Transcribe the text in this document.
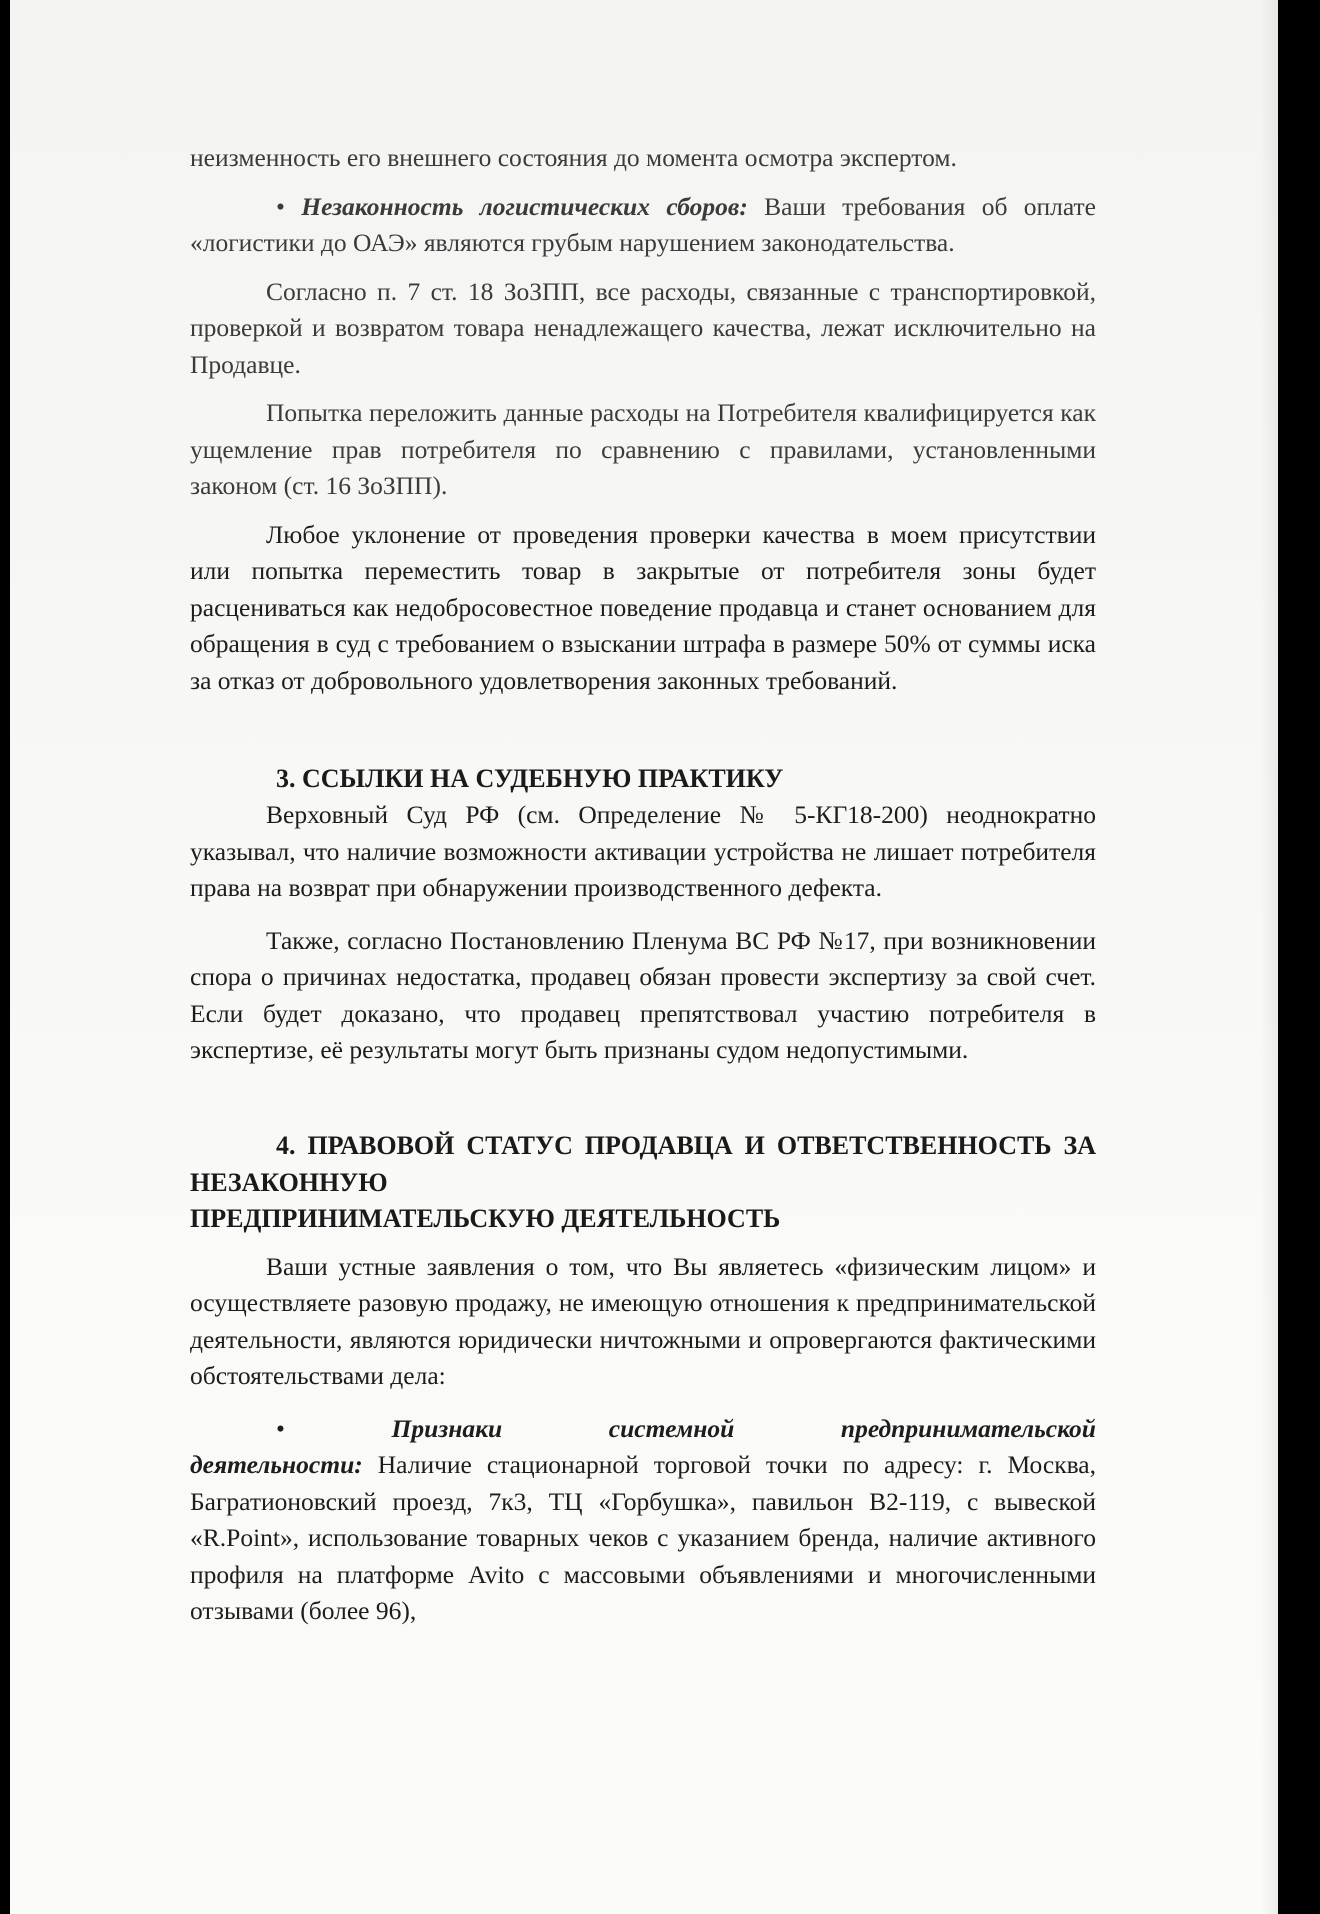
неизменность его внешнего состояния до момента осмотра экспертом.

• Незаконность логистических сборов: Ваши требования об оплате «логистики до ОАЭ» являются грубым нарушением законодательства.

Согласно п. 7 ст. 18 ЗоЗПП, все расходы, связанные с транспортировкой, проверкой и возвратом товара ненадлежащего качества, лежат исключительно на Продавце.

Попытка переложить данные расходы на Потребителя квалифицируется как ущемление прав потребителя по сравнению с правилами, установленными законом (ст. 16 ЗоЗПП).

Любое уклонение от проведения проверки качества в моем присутствии или попытка переместить товар в закрытые от потребителя зоны будет расцениваться как недобросовестное поведение продавца и станет основанием для обращения в суд с требованием о взыскании штрафа в размере 50% от суммы иска за отказ от добровольного удовлетворения законных требований.

3. ССЫЛКИ НА СУДЕБНУЮ ПРАКТИКУ

Верховный Суд РФ (см. Определение № 5-КГ18-200) неоднократно указывал, что наличие возможности активации устройства не лишает потребителя права на возврат при обнаружении производственного дефекта.

Также, согласно Постановлению Пленума ВС РФ №17, при возникновении спора о причинах недостатка, продавец обязан провести экспертизу за свой счет. Если будет доказано, что продавец препятствовал участию потребителя в экспертизе, её результаты могут быть признаны судом недопустимыми.

4. ПРАВОВОЙ СТАТУС ПРОДАВЦА И ОТВЕТСТВЕННОСТЬ ЗА НЕЗАКОННУЮ
ПРЕДПРИНИМАТЕЛЬСКУЮ ДЕЯТЕЛЬНОСТЬ

Ваши устные заявления о том, что Вы являетесь «физическим лицом» и осуществляете разовую продажу, не имеющую отношения к предпринимательской деятельности, являются юридически ничтожными и опровергаются фактическими обстоятельствами дела:

•	Признаки	системной	предпринимательской

деятельности: Наличие стационарной торговой точки по адресу: г. Москва, Багратионовский проезд, 7к3, ТЦ «Горбушка», павильон B2-119, с вывеской «R.Point», использование товарных чеков с указанием бренда, наличие активного профиля на платформе Avito с массовыми объявлениями и многочисленными отзывами (более 96),
